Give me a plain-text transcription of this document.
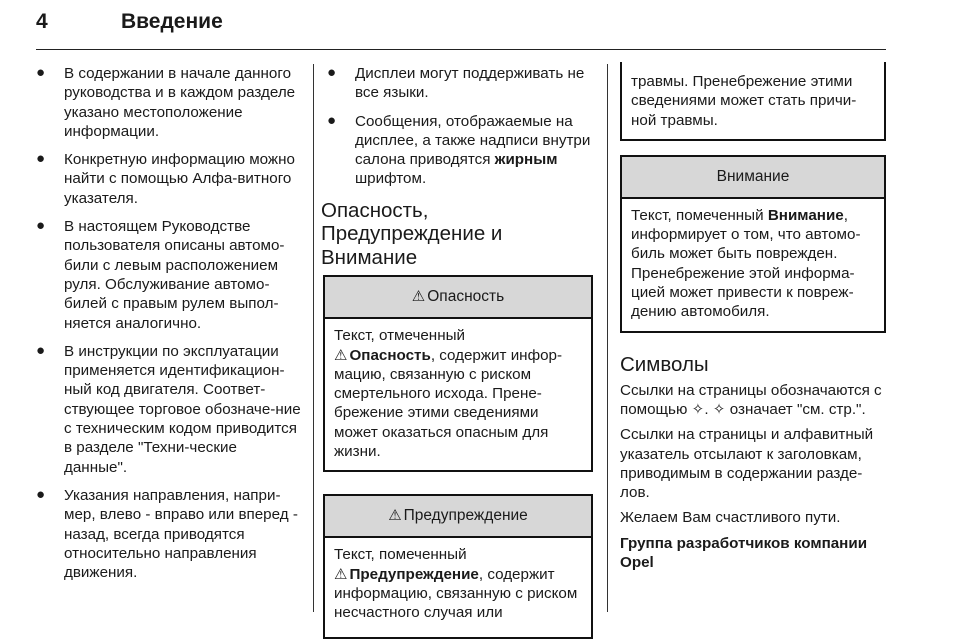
4	Введение
● В содержании в начале данного руководства и в каждом разделе указано местоположение информации.
● Конкретную информацию можно найти с помощью Алфа-витного указателя.
● В настоящем Руководстве пользователя описаны автомо-били с левым расположением руля. Обслуживание автомо-билей с правым рулем выпол-няется аналогично.
● В инструкции по эксплуатации применяется идентификацион-ный код двигателя. Соответ-ствующее торговое обозначе-ние с техническим кодом приводится в разделе "Техни-ческие данные".
● Указания направления, напри-мер, влево - вправо или вперед - назад, всегда приводятся относительно направления движения.
● Дисплеи могут поддерживать не все языки.
● Сообщения, отображаемые на дисплее, а также надписи внутри салона приводятся жирным шрифтом.
Опасность,
Предупреждение и
Внимание
⚠ Опасность
Текст, отмеченный
⚠ Опасность, содержит инфор-мацию, связанную с риском смертельного исхода. Прене-брежение этими сведениями может оказаться опасным для жизни.
⚠ Предупреждение
Текст, помеченный
⚠ Предупреждение, содержит информацию, связанную с риском несчастного случая или
травмы. Пренебрежение этими сведениями может стать причи-ной травмы.
Внимание
Текст, помеченный Внимание, информирует о том, что автомо-биль может быть поврежден. Пренебрежение этой информа-цией может привести к повреж-дению автомобиля.
Символы

Ссылки на страницы обозначаются с помощью ✧. ✧ означает "см. стр.".

Ссылки на страницы и алфавитный указатель отсылают к заголовкам, приводимым в содержании разде-лов.

Желаем Вам счастливого пути.

Группа разработчиков компании Opel
